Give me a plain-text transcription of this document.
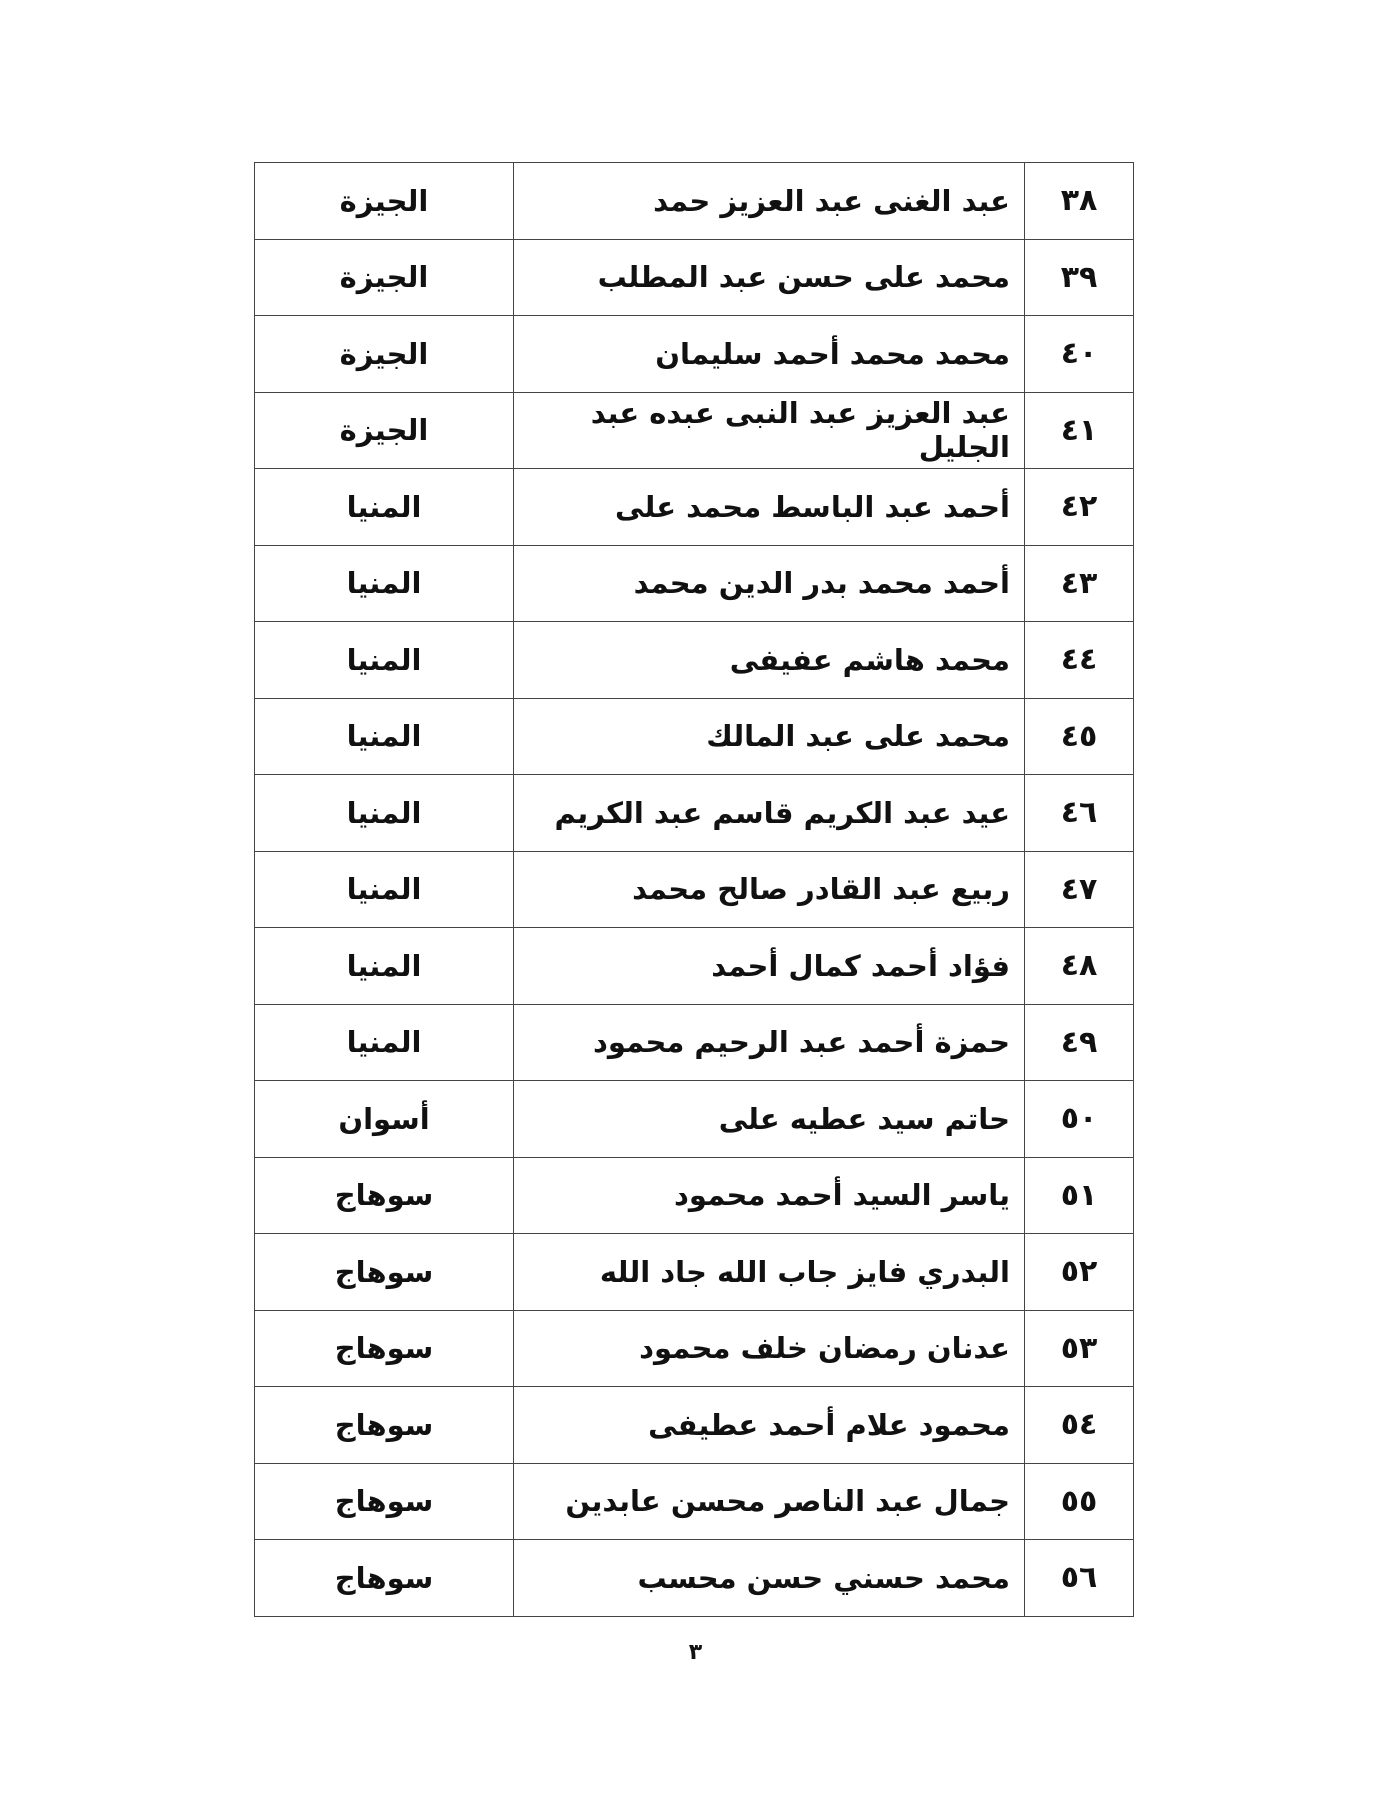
٣٨	عبد الغنى عبد العزيز حمد	الجيزة
٣٩	محمد على حسن عبد المطلب	الجيزة
٤٠	محمد محمد أحمد سليمان	الجيزة
٤١	عبد العزيز عبد النبى عبده عبد الجليل	الجيزة
٤٢	أحمد عبد الباسط محمد على	المنيا
٤٣	أحمد محمد بدر الدين محمد	المنيا
٤٤	محمد هاشم عفيفى	المنيا
٤٥	محمد على عبد المالك	المنيا
٤٦	عيد عبد الكريم قاسم عبد الكريم	المنيا
٤٧	ربيع عبد القادر صالح محمد	المنيا
٤٨	فؤاد أحمد كمال أحمد	المنيا
٤٩	حمزة أحمد عبد الرحيم محمود	المنيا
٥٠	حاتم سيد عطيه على	أسوان
٥١	ياسر السيد أحمد محمود	سوهاج
٥٢	البدري فايز جاب الله جاد الله	سوهاج
٥٣	عدنان رمضان خلف محمود	سوهاج
٥٤	محمود علام أحمد عطيفى	سوهاج
٥٥	جمال عبد الناصر محسن عابدين	سوهاج
٥٦	محمد حسني حسن محسب	سوهاج
٣
